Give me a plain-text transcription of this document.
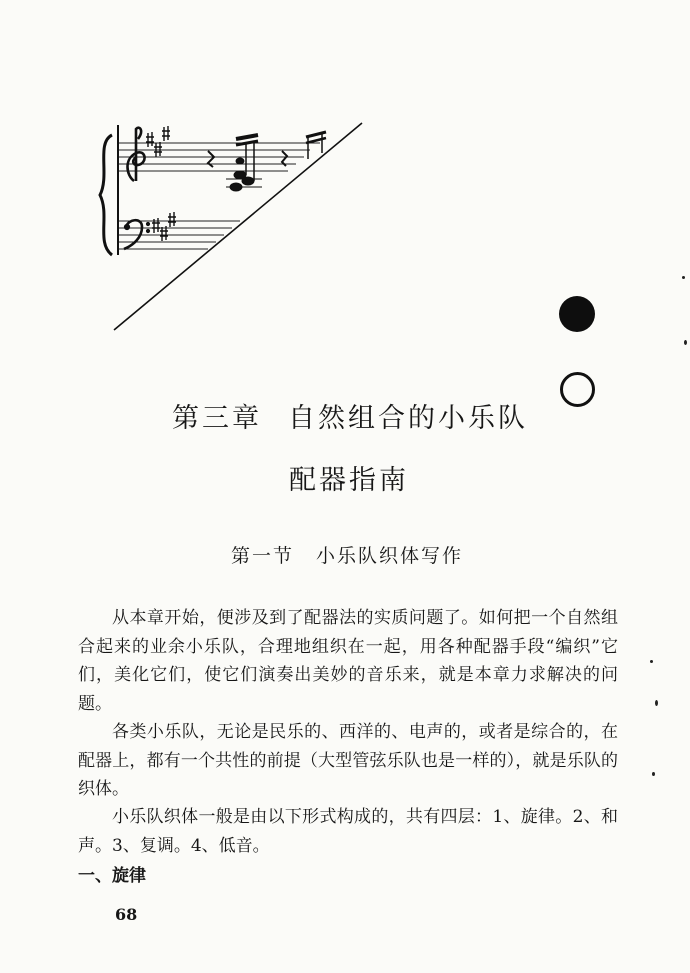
第三章 自然组合的小乐队
配器指南
第一节 小乐队织体写作

从本章开始，便涉及到了配器法的实质问题了。如何把一个自然组合起来的业余小乐队，合理地组织在一起，用各种配器手段“编织”它们，美化它们，使它们演奏出美妙的音乐来，就是本章力求解决的问题。

各类小乐队，无论是民乐的、西洋的、电声的，或者是综合的，在配器上，都有一个共性的前提（大型管弦乐队也是一样的），就是乐队的织体。

小乐队织体一般是由以下形式构成的，共有四层：1、旋律。2、和声。3、复调。4、低音。

一、旋律
68
